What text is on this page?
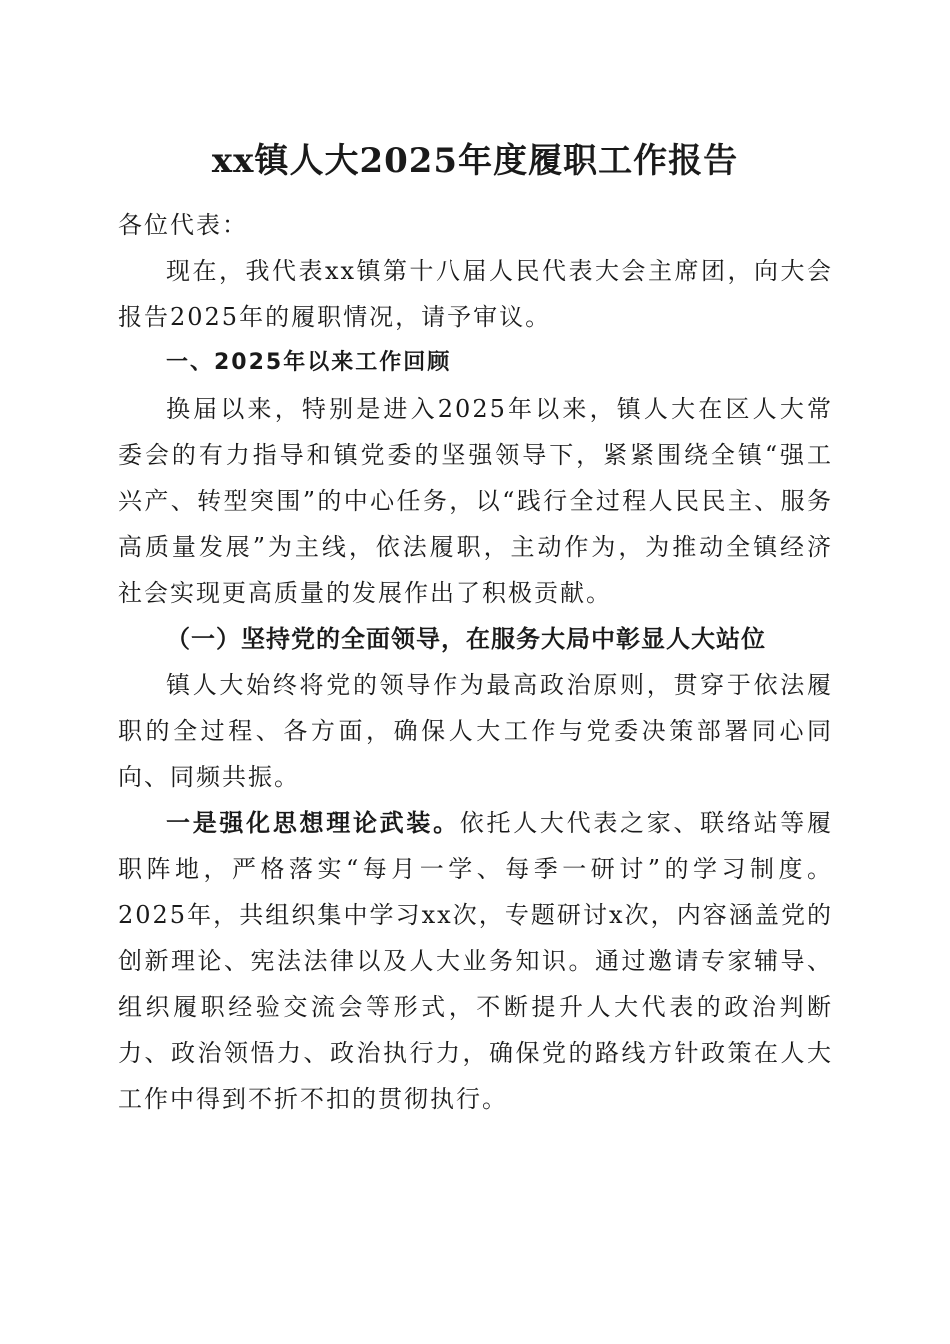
xx镇人大2025年度履职工作报告

各位代表：

现在，我代表xx镇第十八届人民代表大会主席团，向大会报告2025年的履职情况，请予审议。

一、2025年以来工作回顾

换届以来，特别是进入2025年以来，镇人大在区人大常委会的有力指导和镇党委的坚强领导下，紧紧围绕全镇“强工兴产、转型突围”的中心任务，以“践行全过程人民民主、服务高质量发展”为主线，依法履职，主动作为，为推动全镇经济社会实现更高质量的发展作出了积极贡献。

（一）坚持党的全面领导，在服务大局中彰显人大站位

镇人大始终将党的领导作为最高政治原则，贯穿于依法履职的全过程、各方面，确保人大工作与党委决策部署同心同向、同频共振。

一是强化思想理论武装。依托人大代表之家、联络站等履职阵地，严格落实“每月一学、每季一研讨”的学习制度。2025年，共组织集中学习xx次，专题研讨x次，内容涵盖党的创新理论、宪法法律以及人大业务知识。通过邀请专家辅导、组织履职经验交流会等形式，不断提升人大代表的政治判断力、政治领悟力、政治执行力，确保党的路线方针政策在人大工作中得到不折不扣的贯彻执行。
